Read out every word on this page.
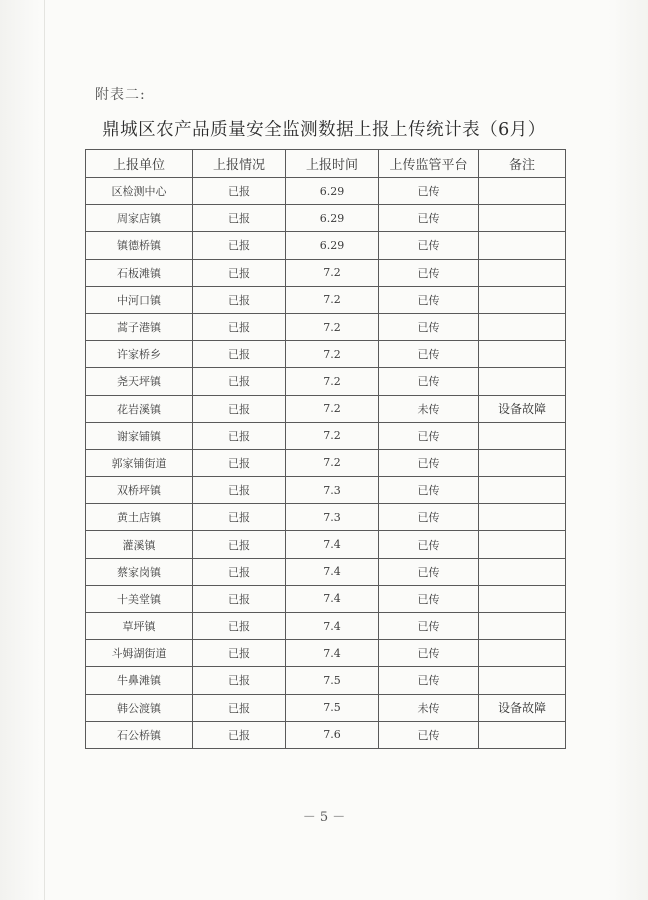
附表二:
鼎城区农产品质量安全监测数据上报上传统计表（6月）
上报单位	上报情况	上报时间	上传监管平台	备注
区检测中心	已报	6.29	已传	
周家店镇	已报	6.29	已传	
镇德桥镇	已报	6.29	已传	
石板滩镇	已报	7.2	已传	
中河口镇	已报	7.2	已传	
蒿子港镇	已报	7.2	已传	
许家桥乡	已报	7.2	已传	
尧天坪镇	已报	7.2	已传	
花岩溪镇	已报	7.2	未传	设备故障
谢家铺镇	已报	7.2	已传	
郭家铺街道	已报	7.2	已传	
双桥坪镇	已报	7.3	已传	
黄土店镇	已报	7.3	已传	
灌溪镇	已报	7.4	已传	
蔡家岗镇	已报	7.4	已传	
十美堂镇	已报	7.4	已传	
草坪镇	已报	7.4	已传	
斗姆湖街道	已报	7.4	已传	
牛鼻滩镇	已报	7.5	已传	
韩公渡镇	已报	7.5	未传	设备故障
石公桥镇	已报	7.6	已传	
－ 5 －
